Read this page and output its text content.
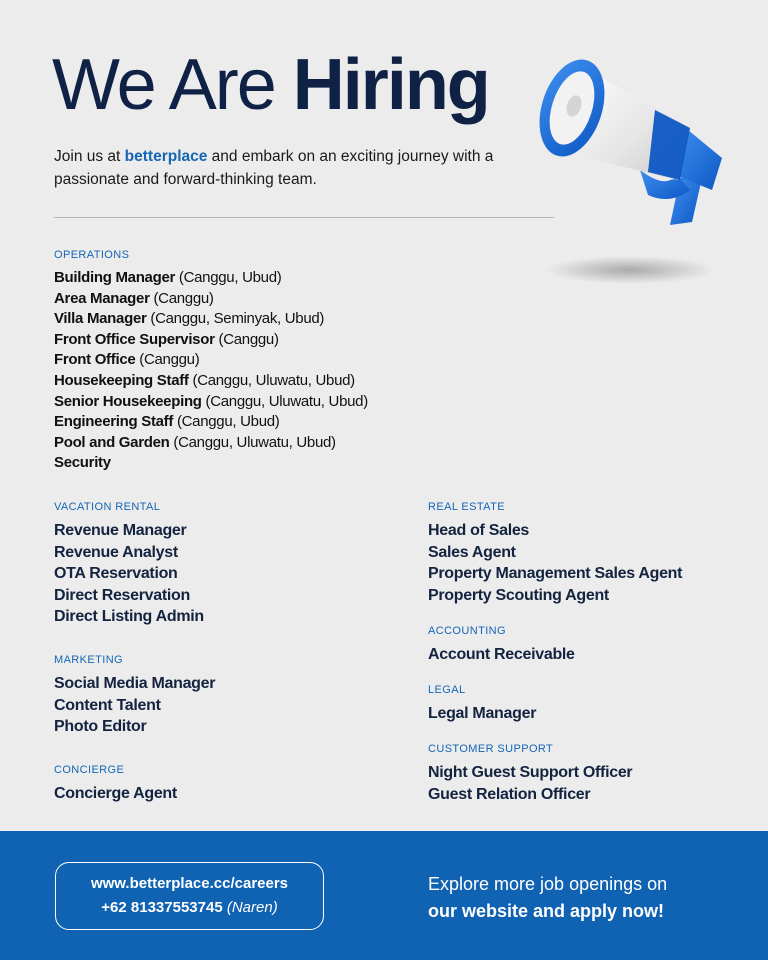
We Are Hiring
Join us at betterplace and embark on an exciting journey with a passionate and forward-thinking team.
OPERATIONS
Building Manager (Canggu, Ubud)
Area Manager (Canggu)
Villa Manager (Canggu, Seminyak, Ubud)
Front Office Supervisor (Canggu)
Front Office (Canggu)
Housekeeping Staff (Canggu, Uluwatu, Ubud)
Senior Housekeeping (Canggu, Uluwatu, Ubud)
Engineering Staff (Canggu, Ubud)
Pool and Garden (Canggu, Uluwatu, Ubud)
Security
VACATION RENTAL
Revenue Manager
Revenue Analyst
OTA Reservation
Direct Reservation
Direct Listing Admin
MARKETING
Social Media Manager
Content Talent
Photo Editor
CONCIERGE
Concierge Agent
REAL ESTATE
Head of Sales
Sales Agent
Property Management Sales Agent
Property Scouting Agent
ACCOUNTING
Account Receivable
LEGAL
Legal Manager
CUSTOMER SUPPORT
Night Guest Support Officer
Guest Relation Officer
www.betterplace.cc/careers
+62 81337553745 (Naren)
Explore more job openings on
our website and apply now!
